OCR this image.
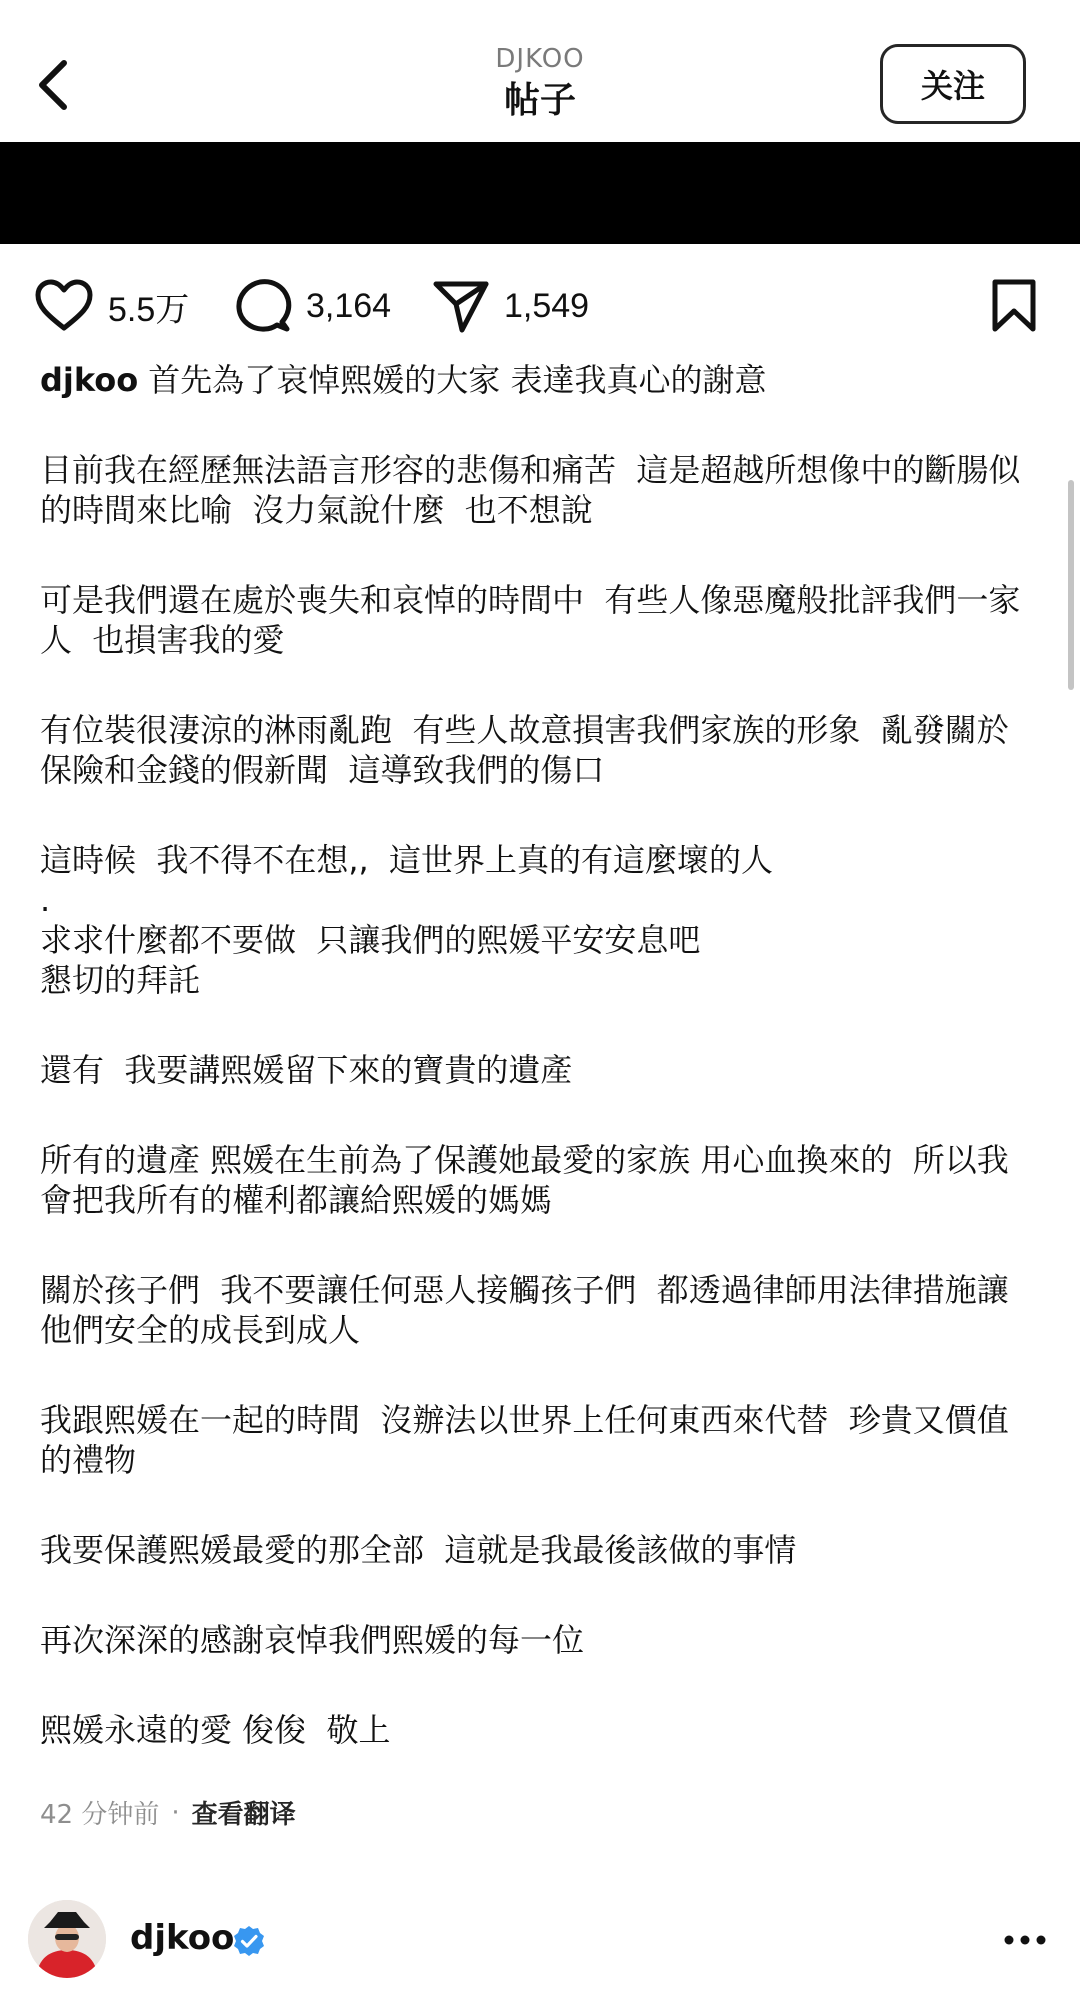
DJKOO
帖子	关注
5.5万	3,164	1,549
djkoo 首先為了哀悼熙媛的大家 表達我真心的謝意
目前我在經歷無法語言形容的悲傷和痛苦  這是超越所想像中的斷腸似的時間來比喻  沒力氣說什麼  也不想說
可是我們還在處於喪失和哀悼的時間中  有些人像惡魔般批評我們一家人  也損害我的愛
有位裝很淒涼的淋雨亂跑  有些人故意損害我們家族的形象  亂發關於保險和金錢的假新聞  這導致我們的傷口
這時候  我不得不在想,,  這世界上真的有這麼壞的人
.
求求什麼都不要做  只讓我們的熙媛平安安息吧
懇切的拜託
還有  我要講熙媛留下來的寶貴的遺產
所有的遺產 熙媛在生前為了保護她最愛的家族 用心血換來的  所以我會把我所有的權利都讓給熙媛的媽媽
關於孩子們  我不要讓任何惡人接觸孩子們  都透過律師用法律措施讓他們安全的成長到成人
我跟熙媛在一起的時間  沒辦法以世界上任何東西來代替  珍貴又價值的禮物
我要保護熙媛最愛的那全部  這就是我最後該做的事情
再次深深的感謝哀悼我們熙媛的每一位
熙媛永遠的愛 俊俊  敬上
42 分钟前 · 查看翻译
djkoo
